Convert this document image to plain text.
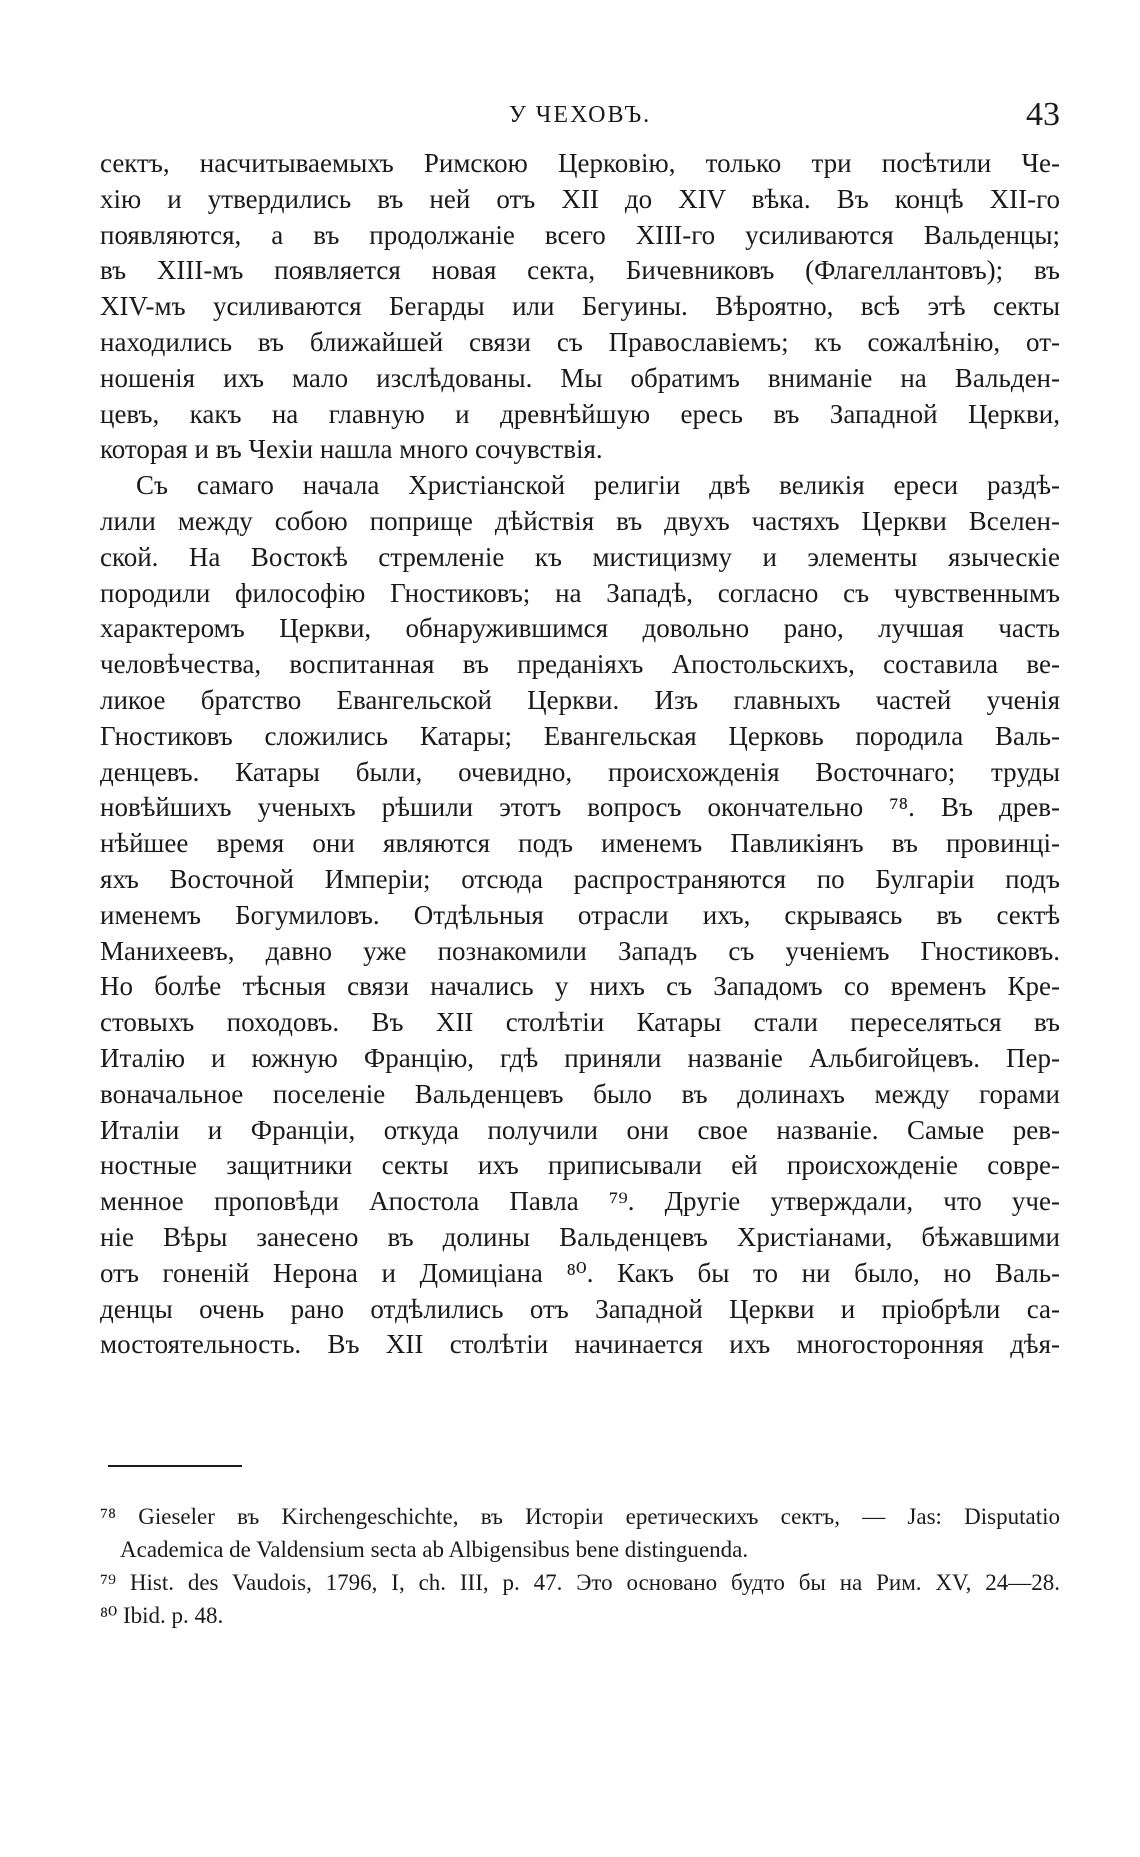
У ЧЕХОВЪ.	43
сектъ, насчитываемыхъ Римскою Церковію, только три посѣтили Че-
хію и утвердились въ ней отъ XII до XIV вѣка. Въ концѣ XII-го
появляются, а въ продолжаніе всего XIII-го усиливаются Вальденцы;
въ XIII-мъ появляется новая секта, Бичевниковъ (Флагеллантовъ); въ
XIV-мъ усиливаются Бегарды или Бегуины. Вѣроятно, всѣ этѣ секты
находились въ ближайшей связи съ Православіемъ; къ сожалѣнію, от-
ношенія ихъ мало изслѣдованы. Мы обратимъ вниманіе на Вальден-
цевъ, какъ на главную и древнѣйшую ересь въ Западной Церкви,
которая и въ Чехіи нашла много сочувствія.
Съ самаго начала Христіанской религіи двѣ великія ереси раздѣ-
лили между собою поприще дѣйствія въ двухъ частяхъ Церкви Вселен-
ской. На Востокѣ стремленіе къ мистицизму и элементы языческіе
породили философію Гностиковъ; на Западѣ, согласно съ чувственнымъ
характеромъ Церкви, обнаружившимся довольно рано, лучшая часть
человѣчества, воспитанная въ преданіяхъ Апостольскихъ, составила ве-
ликое братство Евангельской Церкви. Изъ главныхъ частей ученія
Гностиковъ сложились Катары; Евангельская Церковь породила Валь-
денцевъ. Катары были, очевидно, происхожденія Восточнаго; труды
новѣйшихъ ученыхъ рѣшили этотъ вопросъ окончательно ⁷⁸. Въ древ-
нѣйшее время они являются подъ именемъ Павликіянъ въ провинці-
яхъ Восточной Имперіи; отсюда распространяются по Булгаріи подъ
именемъ Богумиловъ. Отдѣльныя отрасли ихъ, скрываясь въ сектѣ
Манихеевъ, давно уже познакомили Западъ съ ученіемъ Гностиковъ.
Но болѣе тѣсныя связи начались у нихъ съ Западомъ со временъ Кре-
стовыхъ походовъ. Въ XII столѣтіи Катары стали переселяться въ
Италію и южную Францію, гдѣ приняли названіе Альбигойцевъ. Пер-
воначальное поселеніе Вальденцевъ было въ долинахъ между горами
Италіи и Франціи, откуда получили они свое названіе. Самые рев-
ностные защитники секты ихъ приписывали ей происхожденіе совре-
менное проповѣди Апостола Павла ⁷⁹. Другіе утверждали, что уче-
ніе Вѣры занесено въ долины Вальденцевъ Христіанами, бѣжавшими
отъ гоненій Нерона и Домиціана ⁸⁰. Какъ бы то ни было, но Валь-
денцы очень рано отдѣлились отъ Западной Церкви и пріобрѣли са-
мостоятельность. Въ XII столѣтіи начинается ихъ многосторонняя дѣя-
⁷⁸ Gieseler въ Kirchengeschichte, въ Исторіи еретическихъ сектъ, — Jas: Disputatio
Academica de Valdensium secta ab Albigensibus bene distinguenda.
⁷⁹ Hist. des Vaudois, 1796, I, ch. III, p. 47. Это основано будто бы на Рим. XV, 24—28.
⁸⁰ Ibid. p. 48.
